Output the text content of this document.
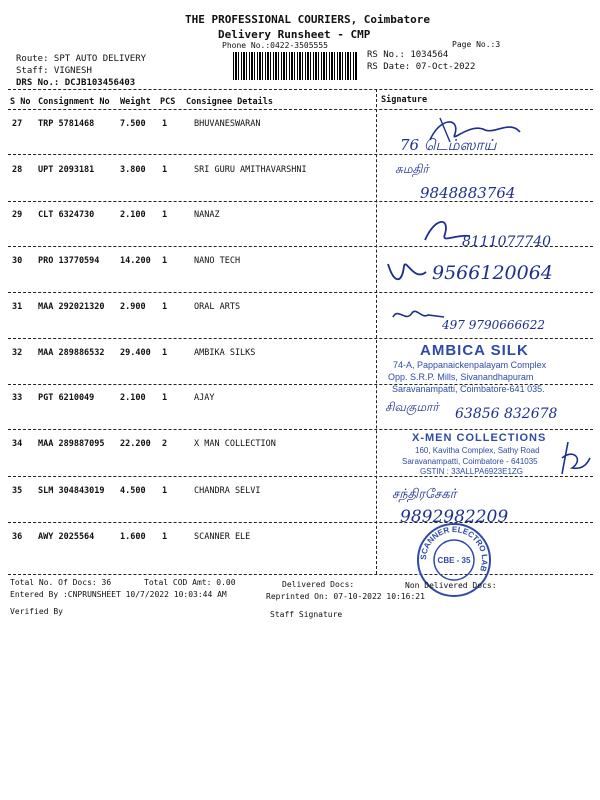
THE PROFESSIONAL COURIERS, Coimbatore
Delivery Runsheet - CMP
Phone No.:0422-3505555	Page No.:3
Route: SPT AUTO DELIVERY
Staff: VIGNESH
DRS No.: DCJB103456403
RS No.: 1034564
RS Date: 07-Oct-2022
S No Consignment No Weight PCS Consignee Details	Signature
27 TRP 5781468	7.500 1	BHUVANESWARAN
28 UPT 2093181	3.800 1	SRI GURU AMITHAVARSHNI
29 CLT 6324730	2.100 1	NANAZ
30 PRO 13770594 14.200 1	NANO TECH
31 MAA 292021320 2.900 1	ORAL ARTS
32 MAA 289886532 29.400 1	AMBIKA SILKS
33 PGT 6210049	2.100 1	AJAY
34 MAA 289887095 22.200 2	X MAN COLLECTION
35 SLM 304843019 4.500 1	CHANDRA SELVI
36 AWY 2025564	1.600 1	SCANNER ELE
76 டெம்ஸாய்
சுமதிர்
9848883764
8111077740
9566120064
497 9790666622
AMBICA SILK
74-A, Pappanaickenpalayam Complex
Opp. S.R.P. Mills, Sivanandhapuram
Saravanampatti, Coimbatore-641 035.
சிவகுமார் 63856 832678
X-MEN COLLECTIONS
160, Kavitha Complex, Sathy Road
Saravanampatti, Coimbatore - 641035
GSTIN : 33ALLPA6923E1ZG
சந்திரசேகர்
9892982209
SCANNER ELECTRO LAB
CBE - 35
Total No. Of Docs: 36	Total COD Amt: 0.00	Delivered Docs:	Non Delivered Docs:
Entered By :CNPRUNSHEET 10/7/2022 10:03:44 AM	Reprinted On: 07-10-2022 10:16:21
Verified By	Staff Signature
